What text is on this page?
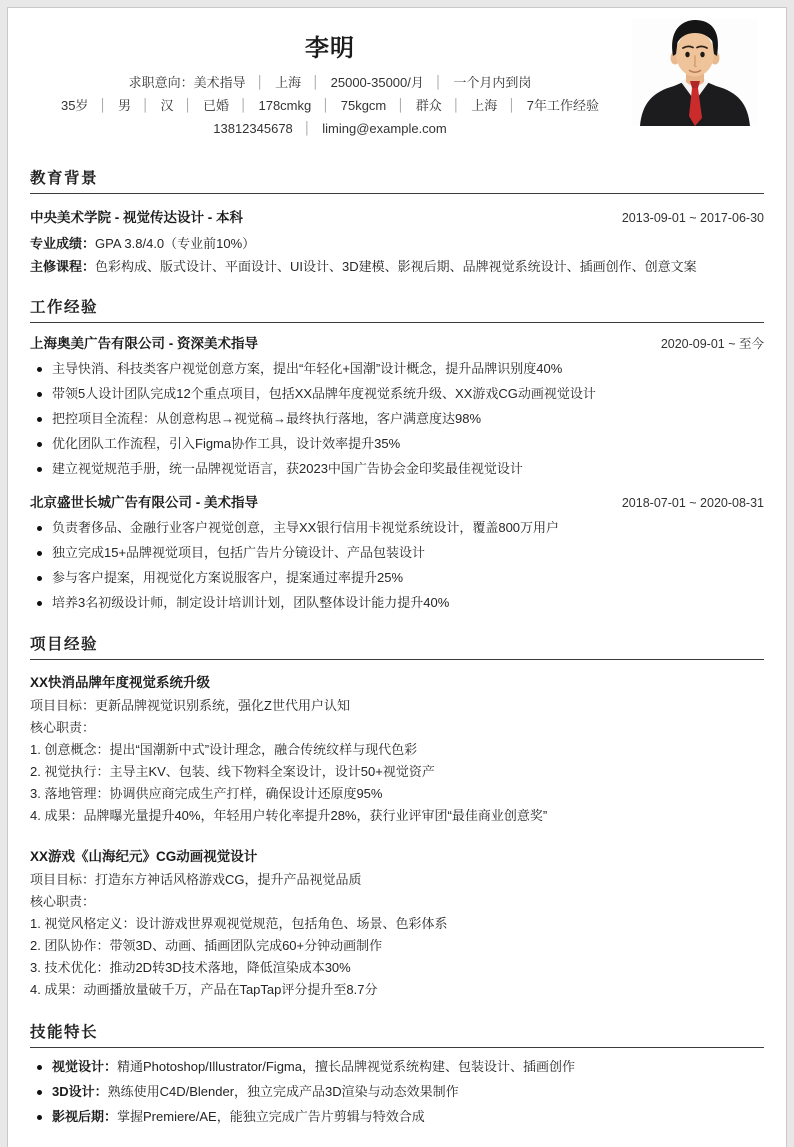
李明
求职意向：美术指导 │ 上海 │ 25000-35000/月 │ 一个月内到岗
35岁 │ 男 │ 汉 │ 已婚 │ 178cmkg │ 75kgcm │ 群众 │ 上海 │ 7年工作经验
13812345678 │ liming@example.com
教育背景
中央美术学院 - 视觉传达设计 - 本科	2013-09-01 ~ 2017-06-30
专业成绩：GPA 3.8/4.0（专业前10%）
主修课程：色彩构成、版式设计、平面设计、UI设计、3D建模、影视后期、品牌视觉系统设计、插画创作、创意文案
工作经验
上海奥美广告有限公司 - 资深美术指导	2020-09-01 ~ 至今
主导快消、科技类客户视觉创意方案，提出“年轻化+国潮”设计概念，提升品牌识别度40%
带领5人设计团队完成12个重点项目，包括XX品牌年度视觉系统升级、XX游戏CG动画视觉设计
把控项目全流程：从创意构思→视觉稿→最终执行落地，客户满意度达98%
优化团队工作流程，引入Figma协作工具，设计效率提升35%
建立视觉规范手册，统一品牌视觉语言，获2023中国广告协会金印奖最佳视觉设计
北京盛世长城广告有限公司 - 美术指导	2018-07-01 ~ 2020-08-31
负责奢侈品、金融行业客户视觉创意，主导XX银行信用卡视觉系统设计，覆盖800万用户
独立完成15+品牌视觉项目，包括广告片分镜设计、产品包装设计
参与客户提案，用视觉化方案说服客户，提案通过率提升25%
培养3名初级设计师，制定设计培训计划，团队整体设计能力提升40%
项目经验
XX快消品牌年度视觉系统升级
项目目标：更新品牌视觉识别系统，强化Z世代用户认知
核心职责：
1. 创意概念：提出“国潮新中式”设计理念，融合传统纹样与现代色彩
2. 视觉执行：主导主KV、包装、线下物料全案设计，设计50+视觉资产
3. 落地管理：协调供应商完成生产打样，确保设计还原度95%
4. 成果：品牌曝光量提升40%，年轻用户转化率提升28%，获行业评审团“最佳商业创意奖”
XX游戏《山海纪元》CG动画视觉设计
项目目标：打造东方神话风格游戏CG，提升产品视觉品质
核心职责：
1. 视觉风格定义：设计游戏世界观视觉规范，包括角色、场景、色彩体系
2. 团队协作：带领3D、动画、插画团队完成60+分钟动画制作
3. 技术优化：推动2D转3D技术落地，降低渲染成本30%
4. 成果：动画播放量破千万，产品在TapTap评分提升至8.7分
技能特长
视觉设计：精通Photoshop/Illustrator/Figma，擅长品牌视觉系统构建、包装设计、插画创作
3D设计：熟练使用C4D/Blender，独立完成产品3D渲染与动态效果制作
影视后期：掌握Premiere/AE，能独立完成广告片剪辑与特效合成
